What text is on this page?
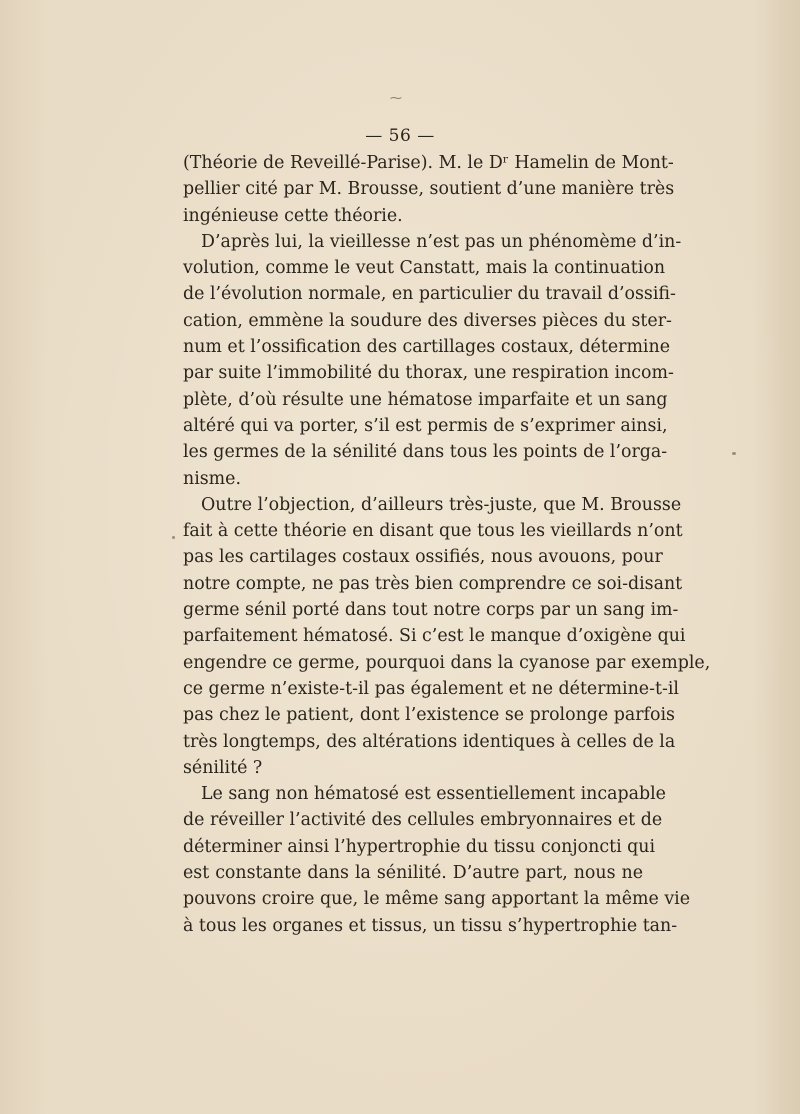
⁓
— 56 —
(Théorie de Reveillé-Parise). M. le Dʳ Hamelin de Mont-
pellier cité par M. Brousse, soutient d’une manière très
ingénieuse cette théorie.
D’après lui, la vieillesse n’est pas un phénomème d’in-
volution, comme le veut Canstatt, mais la continuation
de l’évolution normale, en particulier du travail d’ossifi-
cation, emmène la soudure des diverses pièces du ster-
num et l’ossification des cartillages costaux, détermine
par suite l’immobilité du thorax, une respiration incom-
plète, d’où résulte une hématose imparfaite et un sang
altéré qui va porter, s’il est permis de s’exprimer ainsi,
les germes de la sénilité dans tous les points de l’orga-
nisme.
Outre l’objection, d’ailleurs très-juste, que M. Brousse
fait à cette théorie en disant que tous les vieillards n’ont
pas les cartilages costaux ossifiés, nous avouons, pour
notre compte, ne pas très bien comprendre ce soi-disant
germe sénil porté dans tout notre corps par un sang im-
parfaitement hématosé. Si c’est le manque d’oxigène qui
engendre ce germe, pourquoi dans la cyanose par exemple,
ce germe n’existe-t-il pas également et ne détermine-t-il
pas chez le patient, dont l’existence se prolonge parfois
très longtemps, des altérations identiques à celles de la
sénilité ?
Le sang non hématosé est essentiellement incapable
de réveiller l’activité des cellules embryonnaires et de
déterminer ainsi l’hypertrophie du tissu conjoncti qui
est constante dans la sénilité. D’autre part, nous ne
pouvons croire que, le même sang apportant la même vie
à tous les organes et tissus, un tissu s’hypertrophie tan-
